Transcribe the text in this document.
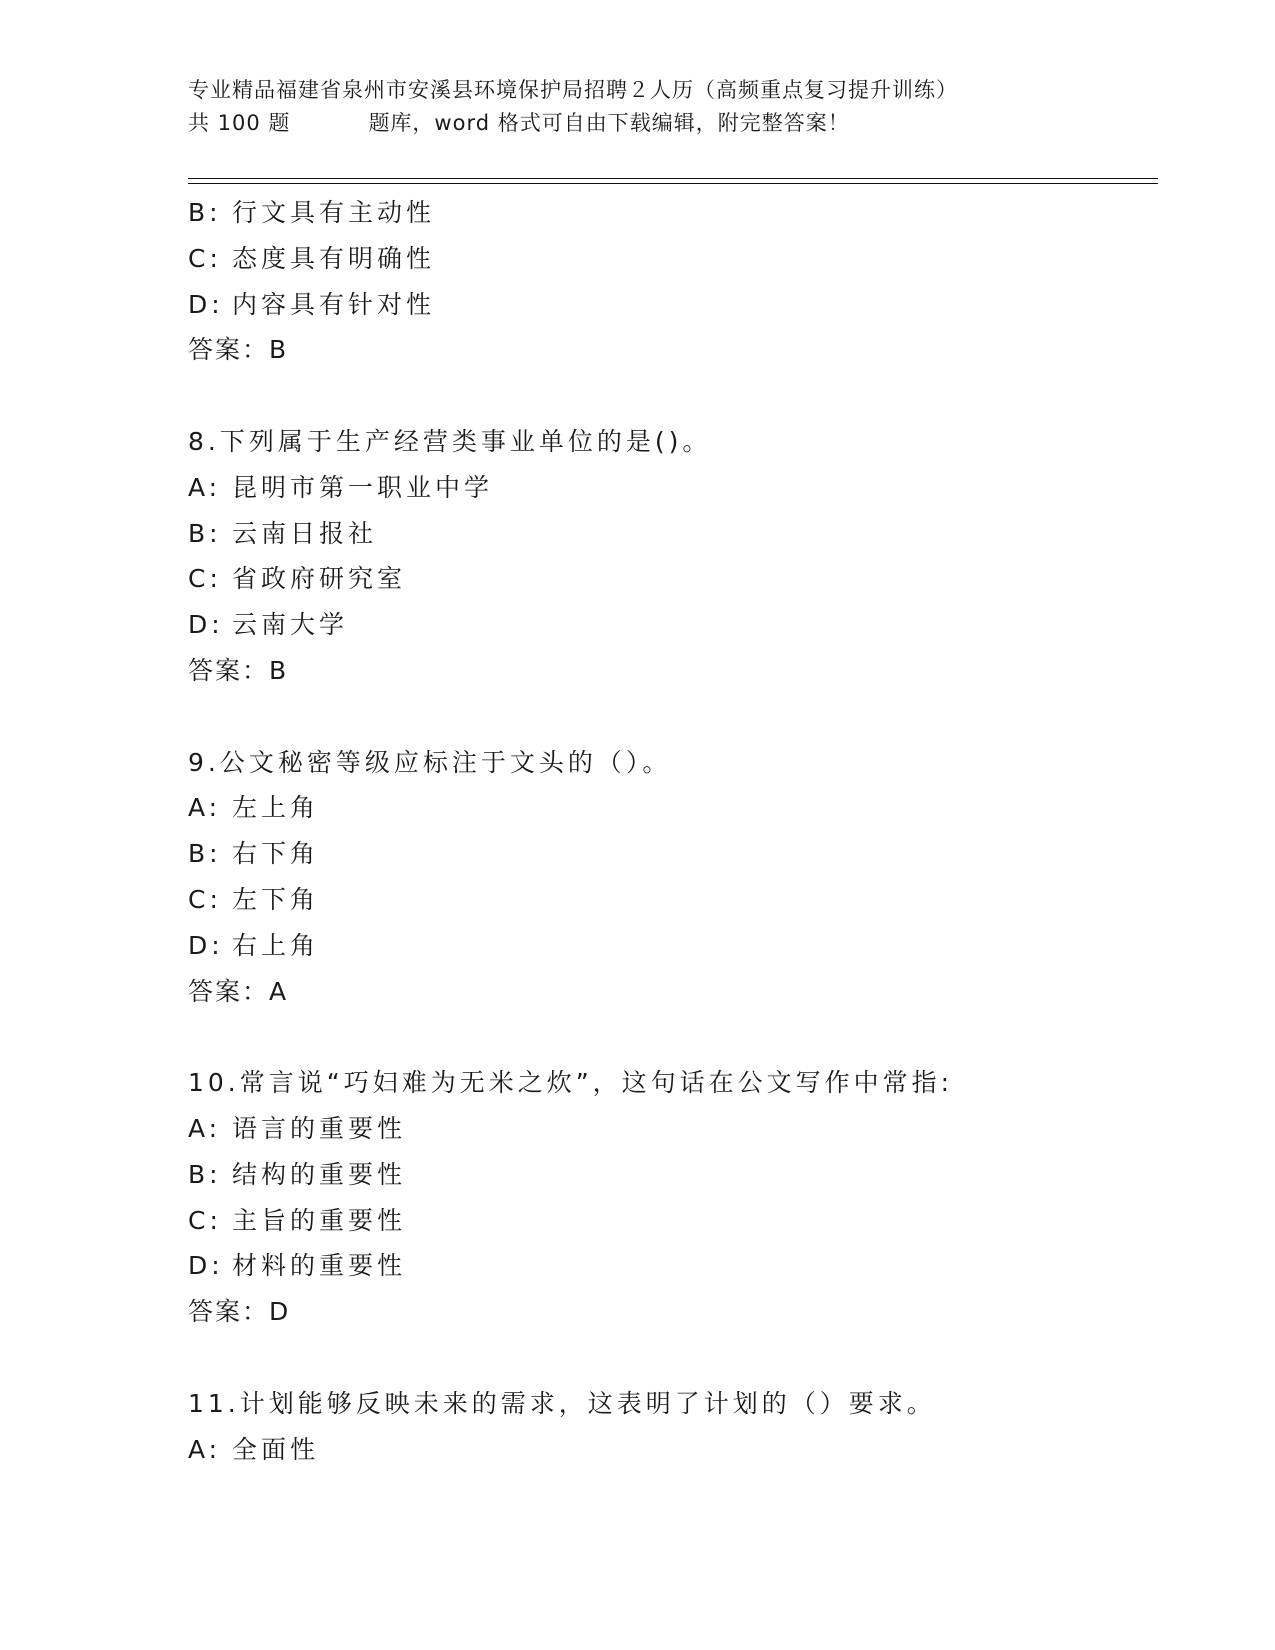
专业精品福建省泉州市安溪县环境保护局招聘２人历（高频重点复习提升训练）
共 100 题	题库，word 格式可自由下载编辑，附完整答案！
B: 行文具有主动性
C: 态度具有明确性
D: 内容具有针对性
答案：B
8.下列属于生产经营类事业单位的是()。
A: 昆明市第一职业中学
B: 云南日报社
C: 省政府研究室
D: 云南大学
答案：B
9.公文秘密等级应标注于文头的（）。
A: 左上角
B: 右下角
C: 左下角
D: 右上角
答案：A
10.常言说“巧妇难为无米之炊”，这句话在公文写作中常指:
A: 语言的重要性
B: 结构的重要性
C: 主旨的重要性
D: 材料的重要性
答案：D
11.计划能够反映未来的需求，这表明了计划的（）要求。
A: 全面性
